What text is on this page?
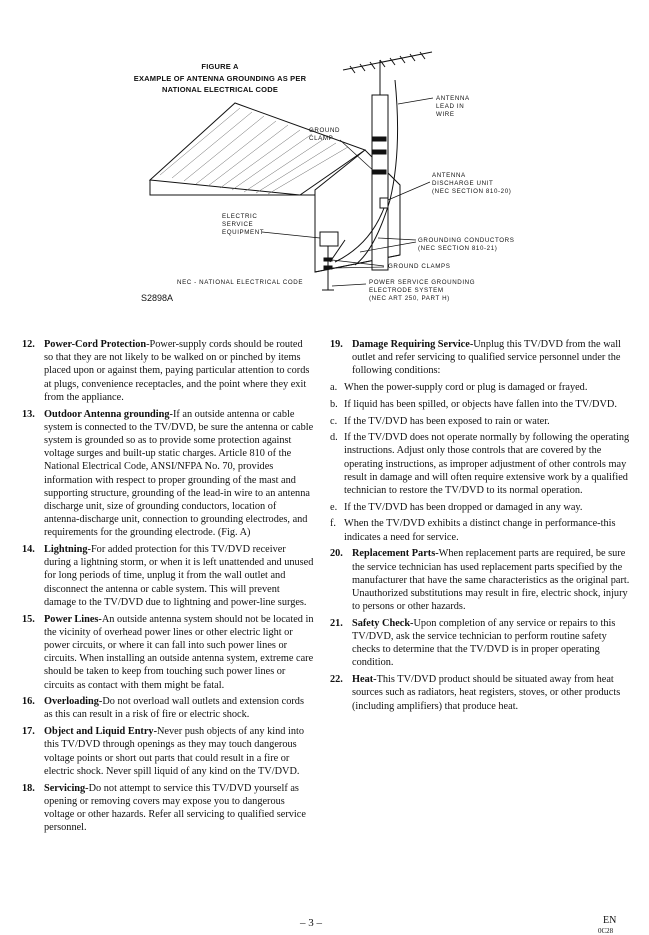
FIGURE A
EXAMPLE OF ANTENNA GROUNDING AS PER
NATIONAL ELECTRICAL CODE
ANTENNA
LEAD IN
WIRE
GROUND
CLAMP
ANTENNA
DISCHARGE UNIT
(NEC SECTION 810-20)
ELECTRIC
SERVICE
EQUIPMENT
GROUNDING CONDUCTORS
(NEC SECTION 810-21)
GROUND CLAMPS
POWER SERVICE GROUNDING
ELECTRODE SYSTEM
(NEC ART 250, PART H)
NEC - NATIONAL ELECTRICAL CODE
S2898A
12. Power-Cord Protection-Power-supply cords should be routed so that they are not likely to be walked on or pinched by items placed upon or against them, paying particular attention to cords at plugs, convenience receptacles, and the point where they exit from the appliance.
13. Outdoor Antenna grounding-If an outside antenna or cable system is connected to the TV/DVD, be sure the antenna or cable system is grounded so as to provide some protection against voltage surges and built-up static charges. Article 810 of the National Electrical Code, ANSI/NFPA No. 70, provides information with respect to proper grounding of the mast and supporting structure, grounding of the lead-in wire to an antenna discharge unit, size of grounding conductors, location of antenna-discharge unit, connection to grounding electrodes, and requirements for the grounding electrode. (Fig. A)
14. Lightning-For added protection for this TV/DVD receiver during a lightning storm, or when it is left unattended and unused for long periods of time, unplug it from the wall outlet and disconnect the antenna or cable system. This will prevent damage to the TV/DVD due to lightning and power-line surges.
15. Power Lines-An outside antenna system should not be located in the vicinity of overhead power lines or other electric light or power circuits, or where it can fall into such power lines or circuits. When installing an outside antenna system, extreme care should be taken to keep from touching such power lines or circuits as contact with them might be fatal.
16. Overloading-Do not overload wall outlets and extension cords as this can result in a risk of fire or electric shock.
17. Object and Liquid Entry-Never push objects of any kind into this TV/DVD through openings as they may touch dangerous voltage points or short out parts that could result in a fire or electric shock. Never spill liquid of any kind on the TV/DVD.
18. Servicing-Do not attempt to service this TV/DVD yourself as opening or removing covers may expose you to dangerous voltage or other hazards. Refer all servicing to qualified service personnel.
19. Damage Requiring Service-Unplug this TV/DVD from the wall outlet and refer servicing to qualified service personnel under the following conditions:
a. When the power-supply cord or plug is damaged or frayed.
b. If liquid has been spilled, or objects have fallen into the TV/DVD.
c. If the TV/DVD has been exposed to rain or water.
d. If the TV/DVD does not operate normally by following the operating instructions. Adjust only those controls that are covered by the operating instructions, as improper adjustment of other controls may result in damage and will often require extensive work by a qualified technician to restore the TV/DVD to its normal operation.
e. If the TV/DVD has been dropped or damaged in any way.
f. When the TV/DVD exhibits a distinct change in performance-this indicates a need for service.
20. Replacement Parts-When replacement parts are required, be sure the service technician has used replacement parts specified by the manufacturer that have the same characteristics as the original part. Unauthorized substitutions may result in fire, electric shock, injury to persons or other hazards.
21. Safety Check-Upon completion of any service or repairs to this TV/DVD, ask the service technician to perform routine safety checks to determine that the TV/DVD is in proper operating condition.
22. Heat-This TV/DVD product should be situated away from heat sources such as radiators, heat registers, stoves, or other products (including amplifiers) that produce heat.
– 3 –	EN
0C28
